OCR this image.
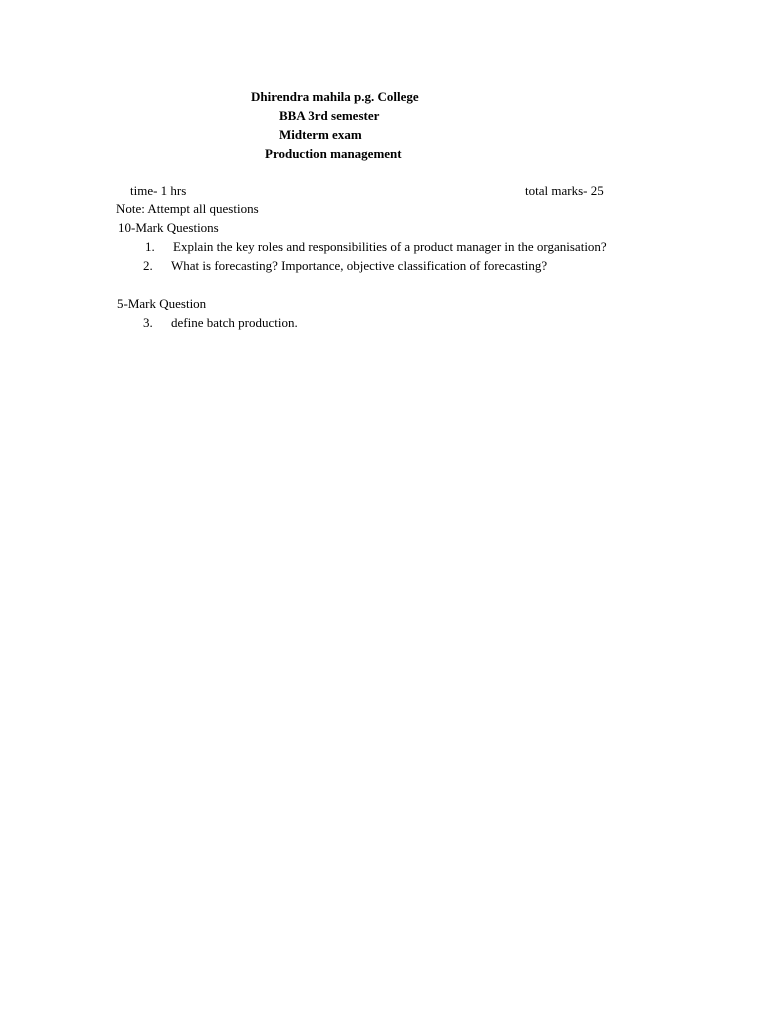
Dhirendra mahila p.g. College
BBA 3rd semester
Midterm exam
Production management
time- 1 hrs	total marks- 25
Note: Attempt all questions
10-Mark Questions
1. Explain the key roles and responsibilities of a product manager in the organisation?
2. What is forecasting? Importance, objective classification of forecasting?
5-Mark Question
3. define batch production.
